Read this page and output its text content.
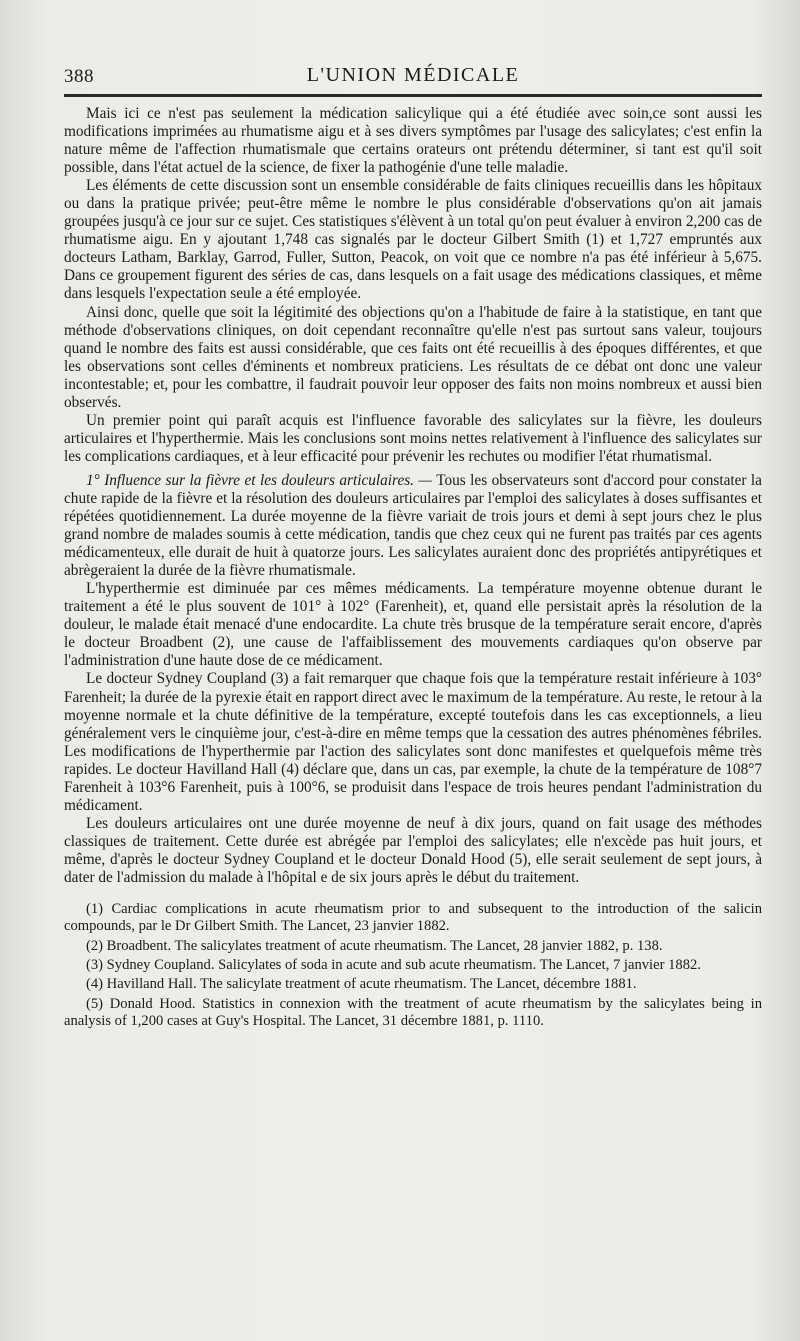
388	L'UNION MÉDICALE

Mais ici ce n'est pas seulement la médication salicylique qui a été étudiée avec soin,ce sont aussi les modifications imprimées au rhumatisme aigu et à ses divers symptômes par l'usage des salicylates; c'est enfin la nature même de l'affection rhumatismale que certains orateurs ont prétendu déterminer, si tant est qu'il soit possible, dans l'état actuel de la science, de fixer la pathogénie d'une telle maladie.

Les éléments de cette discussion sont un ensemble considérable de faits cliniques recueillis dans les hôpitaux ou dans la pratique privée; peut-être même le nombre le plus considérable d'observations qu'on ait jamais groupées jusqu'à ce jour sur ce sujet. Ces statistiques s'élèvent à un total qu'on peut évaluer à environ 2,200 cas de rhumatisme aigu. En y ajoutant 1,748 cas signalés par le docteur Gilbert Smith (1) et 1,727 empruntés aux docteurs Latham, Barklay, Garrod, Fuller, Sutton, Peacok, on voit que ce nombre n'a pas été inférieur à 5,675. Dans ce groupement figurent des séries de cas, dans lesquels on a fait usage des médications classiques, et même dans lesquels l'expectation seule a été employée.

Ainsi donc, quelle que soit la légitimité des objections qu'on a l'habitude de faire à la statistique, en tant que méthode d'observations cliniques, on doit cependant reconnaître qu'elle n'est pas surtout sans valeur, toujours quand le nombre des faits est aussi considérable, que ces faits ont été recueillis à des époques différentes, et que les observations sont celles d'éminents et nombreux praticiens. Les résultats de ce débat ont donc une valeur incontestable; et, pour les combattre, il faudrait pouvoir leur opposer des faits non moins nombreux et aussi bien observés.

Un premier point qui paraît acquis est l'influence favorable des salicylates sur la fièvre, les douleurs articulaires et l'hyperthermie. Mais les conclusions sont moins nettes relativement à l'influence des salicylates sur les complications cardiaques, et à leur efficacité pour prévenir les rechutes ou modifier l'état rhumatismal.

1° Influence sur la fièvre et les douleurs articulaires. — Tous les observateurs sont d'accord pour constater la chute rapide de la fièvre et la résolution des douleurs articulaires par l'emploi des salicylates à doses suffisantes et répétées quotidiennement. La durée moyenne de la fièvre variait de trois jours et demi à sept jours chez le plus grand nombre de malades soumis à cette médication, tandis que chez ceux qui ne furent pas traités par ces agents médicamenteux, elle durait de huit à quatorze jours. Les salicylates auraient donc des propriétés antipyrétiques et abrègeraient la durée de la fièvre rhumatismale.

L'hyperthermie est diminuée par ces mêmes médicaments. La température moyenne obtenue durant le traitement a été le plus souvent de 101° à 102° (Farenheit), et, quand elle persistait après la résolution de la douleur, le malade était menacé d'une endocardite. La chute très brusque de la température serait encore, d'après le docteur Broadbent (2), une cause de l'affaiblissement des mouvements cardiaques qu'on observe par l'administration d'une haute dose de ce médicament.

Le docteur Sydney Coupland (3) a fait remarquer que chaque fois que la température restait inférieure à 103° Farenheit; la durée de la pyrexie était en rapport direct avec le maximum de la température. Au reste, le retour à la moyenne normale et la chute définitive de la température, excepté toutefois dans les cas exceptionnels, a lieu généralement vers le cinquième jour, c'est-à-dire en même temps que la cessation des autres phénomènes fébriles. Les modifications de l'hyperthermie par l'action des salicylates sont donc manifestes et quelquefois même très rapides. Le docteur Havilland Hall (4) déclare que, dans un cas, par exemple, la chute de la température de 108°7 Farenheit à 103°6 Farenheit, puis à 100°6, se produisit dans l'espace de trois heures pendant l'administration du médicament.

Les douleurs articulaires ont une durée moyenne de neuf à dix jours, quand on fait usage des méthodes classiques de traitement. Cette durée est abrégée par l'emploi des salicylates; elle n'excède pas huit jours, et même, d'après le docteur Sydney Coupland et le docteur Donald Hood (5), elle serait seulement de sept jours, à dater de l'admission du malade à l'hôpital e de six jours après le début du traitement.

(1) Cardiac complications in acute rheumatism prior to and subsequent to the introduction of the salicin compounds, par le Dr Gilbert Smith. The Lancet, 23 janvier 1882.

(2) Broadbent. The salicylates treatment of acute rheumatism. The Lancet, 28 janvier 1882, p. 138.

(3) Sydney Coupland. Salicylates of soda in acute and sub acute rheumatism. The Lancet, 7 janvier 1882.

(4) Havilland Hall. The salicylate treatment of acute rheumatism. The Lancet, décembre 1881.

(5) Donald Hood. Statistics in connexion with the treatment of acute rheumatism by the salicylates being in analysis of 1,200 cases at Guy's Hospital. The Lancet, 31 décembre 1881, p. 1110.
